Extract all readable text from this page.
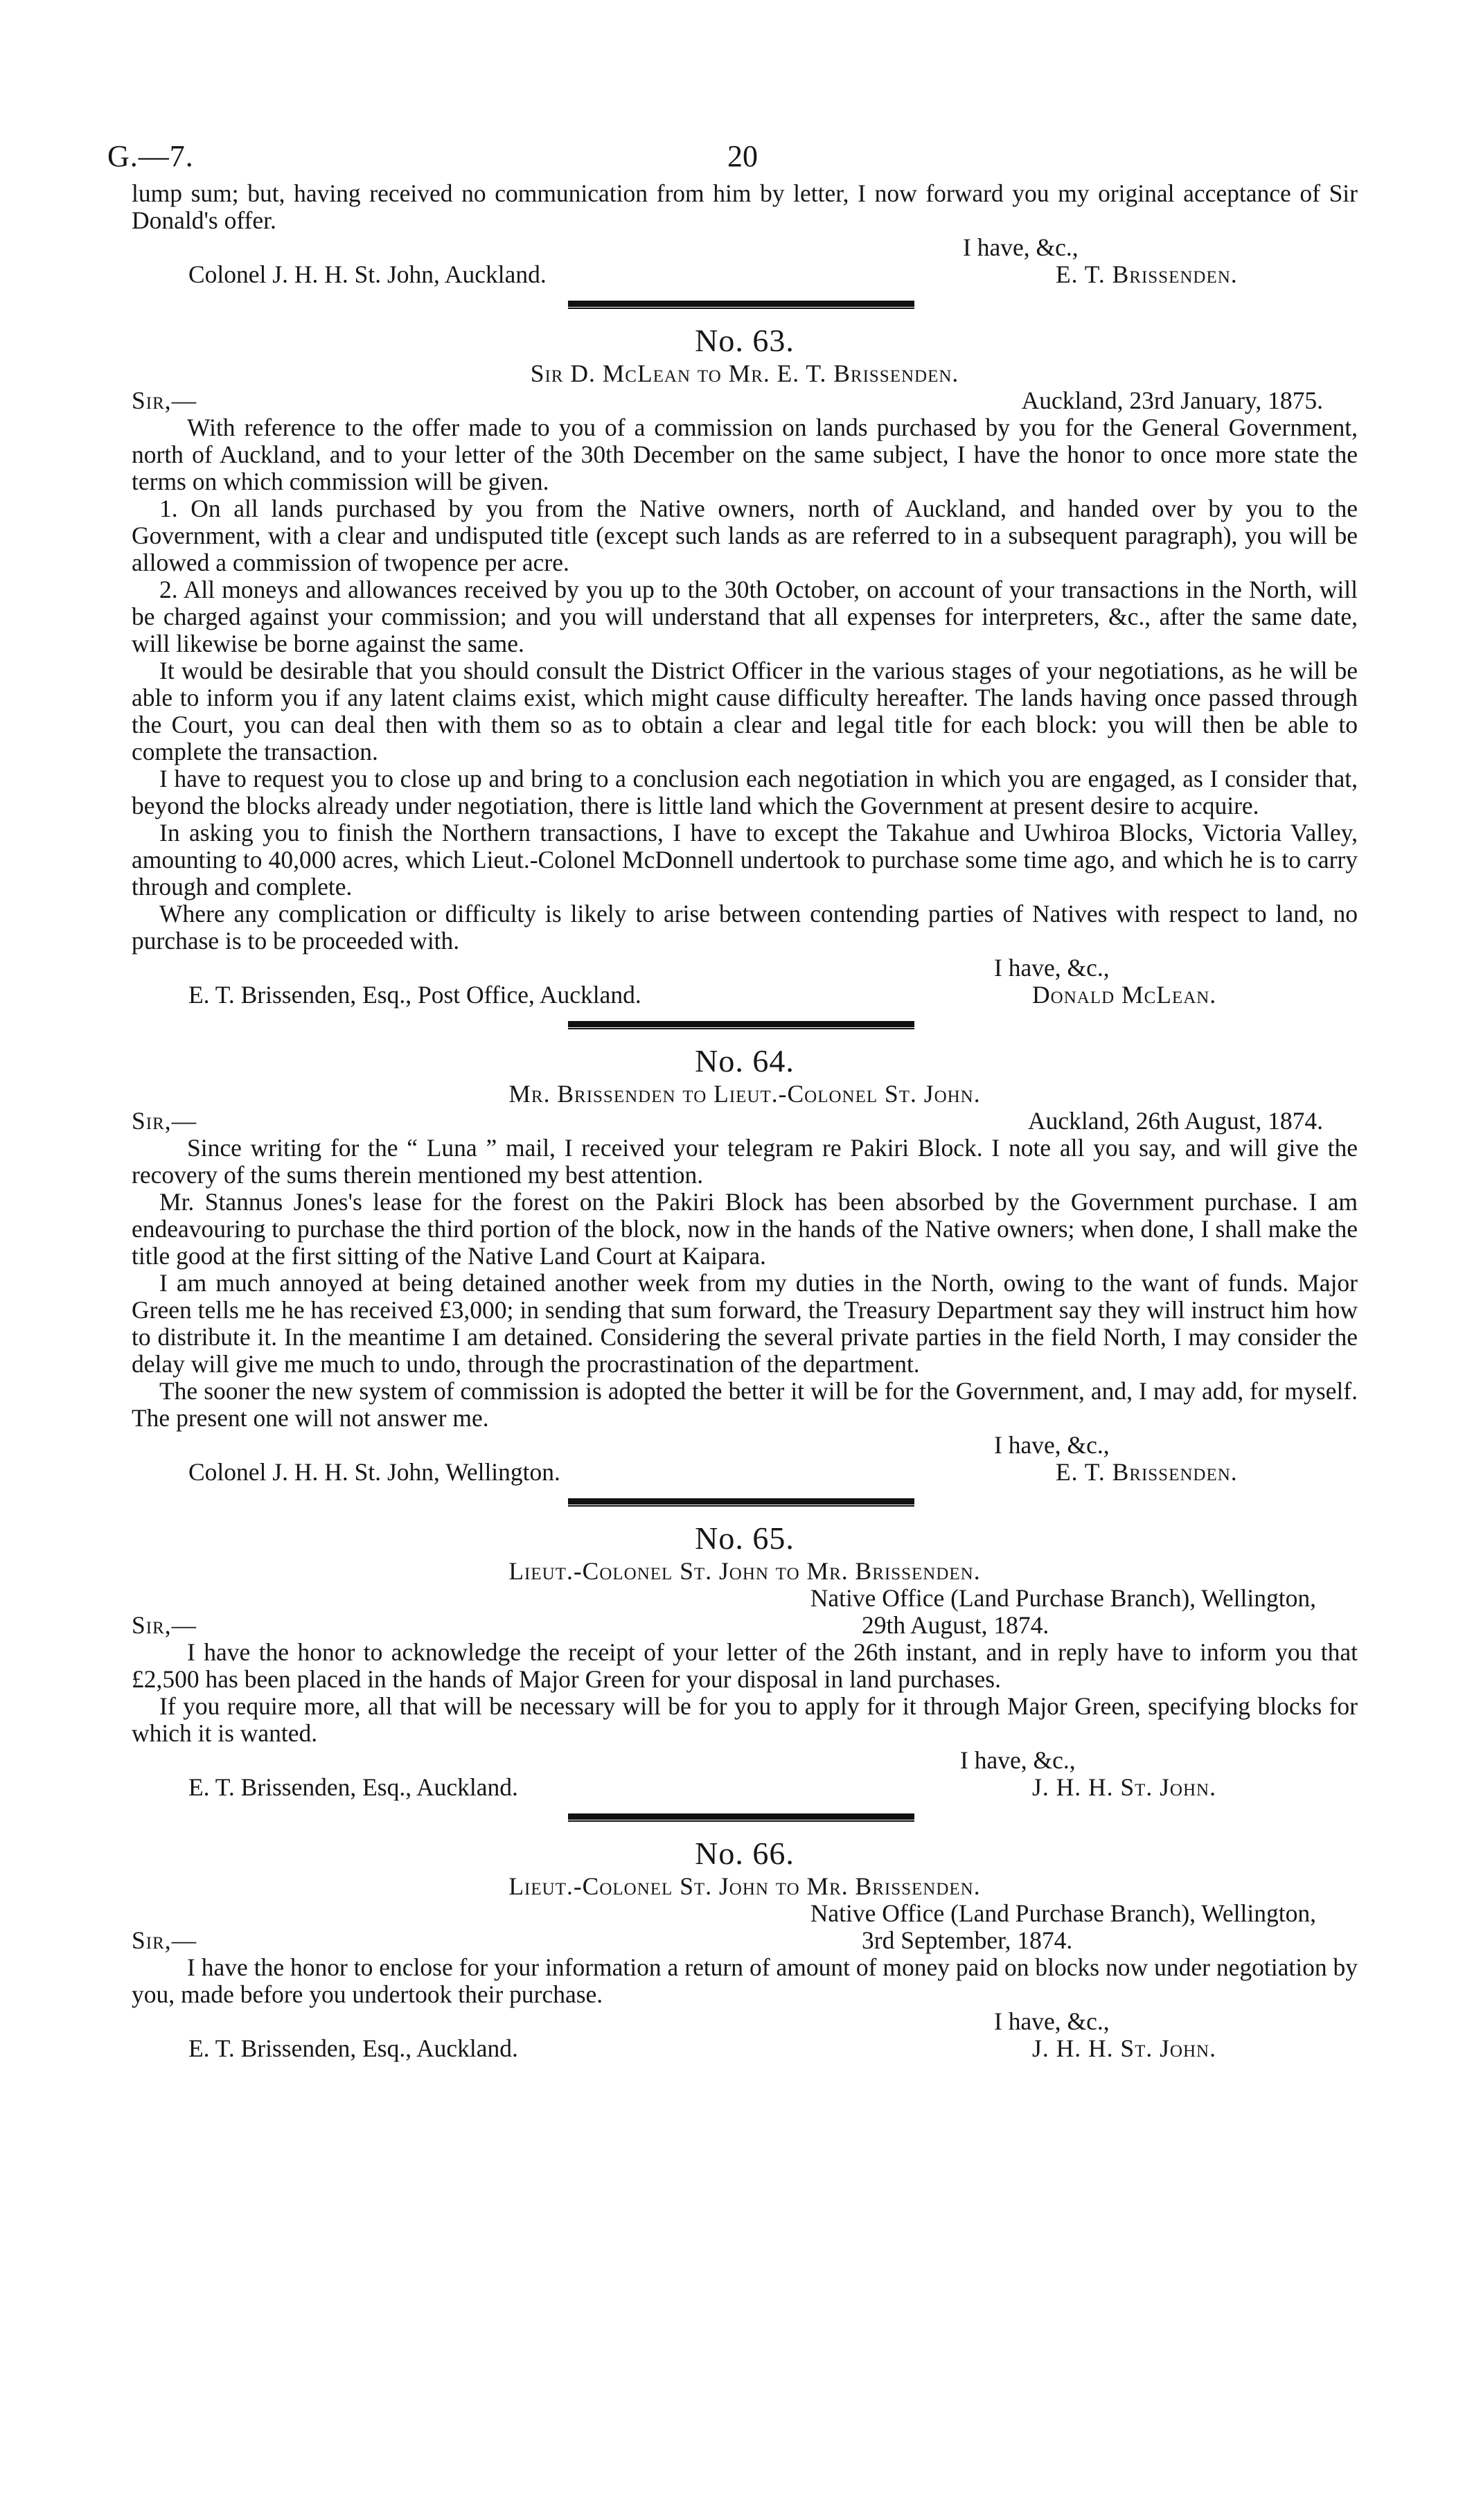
G.—7.	20

lump sum; but, having received no communication from him by letter, I now forward you my original acceptance of Sir Donald's offer.

I have, &c.,
Colonel J. H. H. St. John, Auckland.	E. T. Brissenden.
No. 63.
Sir D. McLean to Mr. E. T. Brissenden.
Sir,—	Auckland, 23rd January, 1875.

With reference to the offer made to you of a commission on lands purchased by you for the General Government, north of Auckland, and to your letter of the 30th December on the same subject, I have the honor to once more state the terms on which commission will be given.

1. On all lands purchased by you from the Native owners, north of Auckland, and handed over by you to the Government, with a clear and undisputed title (except such lands as are referred to in a subsequent paragraph), you will be allowed a commission of twopence per acre.

2. All moneys and allowances received by you up to the 30th October, on account of your transactions in the North, will be charged against your commission; and you will understand that all expenses for interpreters, &c., after the same date, will likewise be borne against the same.

It would be desirable that you should consult the District Officer in the various stages of your negotiations, as he will be able to inform you if any latent claims exist, which might cause difficulty hereafter. The lands having once passed through the Court, you can deal then with them so as to obtain a clear and legal title for each block: you will then be able to complete the transaction.

I have to request you to close up and bring to a conclusion each negotiation in which you are engaged, as I consider that, beyond the blocks already under negotiation, there is little land which the Government at present desire to acquire.

In asking you to finish the Northern transactions, I have to except the Takahue and Uwhiroa Blocks, Victoria Valley, amounting to 40,000 acres, which Lieut.-Colonel McDonnell undertook to purchase some time ago, and which he is to carry through and complete.

Where any complication or difficulty is likely to arise between contending parties of Natives with respect to land, no purchase is to be proceeded with.

I have, &c.,
E. T. Brissenden, Esq., Post Office, Auckland.	Donald McLean.
No. 64.
Mr. Brissenden to Lieut.-Colonel St. John.
Sir,—	Auckland, 26th August, 1874.

Since writing for the “ Luna ” mail, I received your telegram re Pakiri Block. I note all you say, and will give the recovery of the sums therein mentioned my best attention.

Mr. Stannus Jones's lease for the forest on the Pakiri Block has been absorbed by the Government purchase. I am endeavouring to purchase the third portion of the block, now in the hands of the Native owners; when done, I shall make the title good at the first sitting of the Native Land Court at Kaipara.

I am much annoyed at being detained another week from my duties in the North, owing to the want of funds. Major Green tells me he has received £3,000; in sending that sum forward, the Treasury Department say they will instruct him how to distribute it. In the meantime I am detained. Considering the several private parties in the field North, I may consider the delay will give me much to undo, through the procrastination of the department.

The sooner the new system of commission is adopted the better it will be for the Government, and, I may add, for myself. The present one will not answer me.

I have, &c.,
Colonel J. H. H. St. John, Wellington.	E. T. Brissenden.
No. 65.
Lieut.-Colonel St. John to Mr. Brissenden.
Native Office (Land Purchase Branch), Wellington,
Sir,—	29th August, 1874.

I have the honor to acknowledge the receipt of your letter of the 26th instant, and in reply have to inform you that £2,500 has been placed in the hands of Major Green for your disposal in land purchases.

If you require more, all that will be necessary will be for you to apply for it through Major Green, specifying blocks for which it is wanted.

I have, &c.,
E. T. Brissenden, Esq., Auckland.	J. H. H. St. John.
No. 66.
Lieut.-Colonel St. John to Mr. Brissenden.
Native Office (Land Purchase Branch), Wellington,
Sir,—	3rd September, 1874.

I have the honor to enclose for your information a return of amount of money paid on blocks now under negotiation by you, made before you undertook their purchase.

I have, &c.,
E. T. Brissenden, Esq., Auckland.	J. H. H. St. John.
